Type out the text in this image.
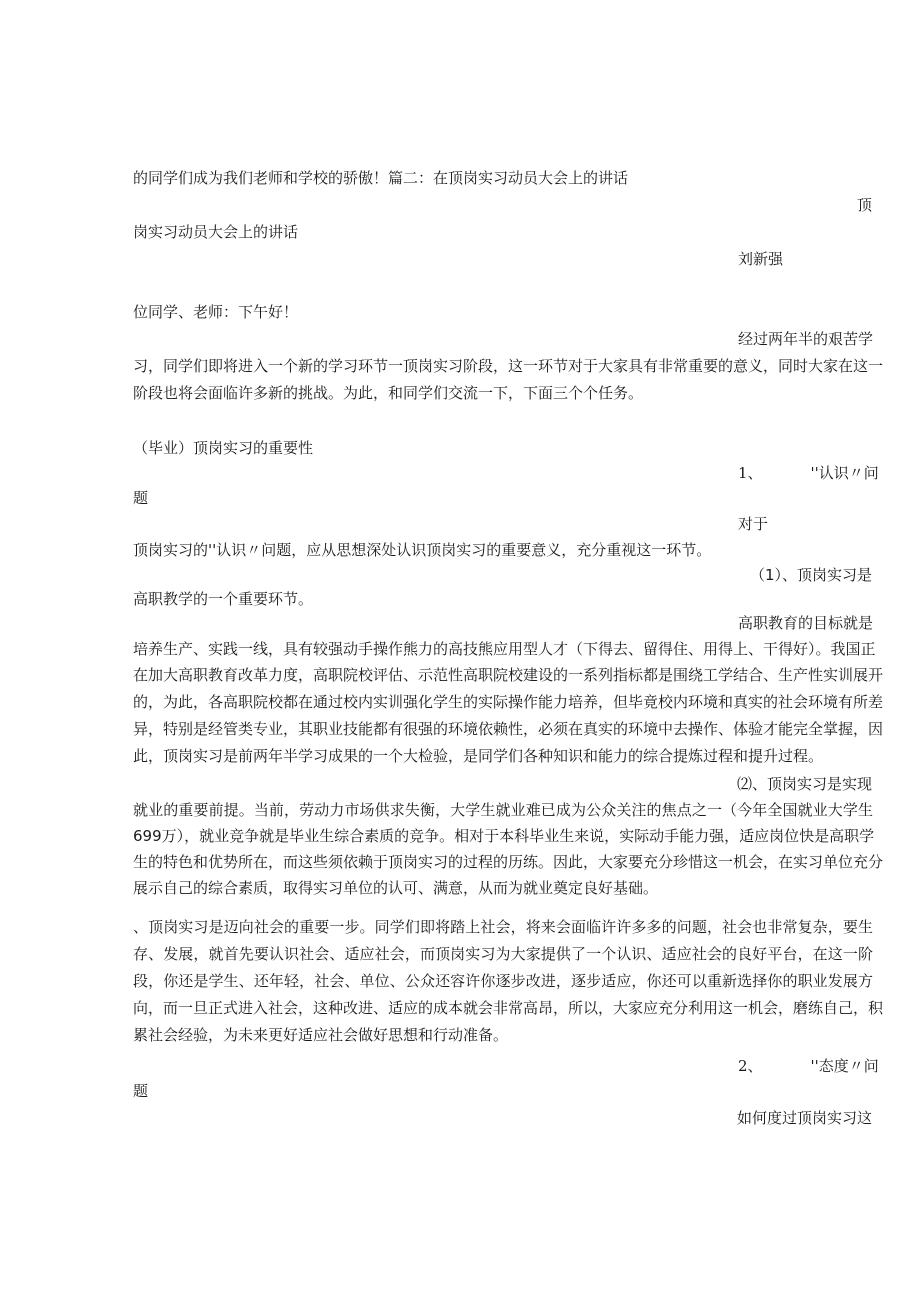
的同学们成为我们老师和学校的骄傲！篇二：在顶岗实习动员大会上的讲话

顶

岗实习动员大会上的讲话

刘新强

位同学、老师：下午好！

经过两年半的艰苦学

习，同学们即将进入一个新的学习环节一顶岗实习阶段，这一环节对于大家具有非常重要的意义，同时大家在这一

阶段也将会面临许多新的挑战。为此，和同学们交流一下，下面三个个任务。

（毕业）顶岗实习的重要性

1、	''认识〃问

题

对于

顶岗实习的''认识〃问题，应从思想深处认识顶岗实习的重要意义，充分重视这一环节。

（1）、顶岗实习是

高职教学的一个重要环节。

高职教育的目标就是

培养生产、实践一线，具有较强动手操作熊力的高技熊应用型人才（下得去、留得住、用得上、干得好）。我国正

在加大高职教育改革力度，高职院校评估、示范性高职院校建设的一系列指标都是围绕工学结合、生产性实训展开

的，为此，各高职院校都在通过校内实训强化学生的实际操作能力培养，但毕竟校内环境和真实的社会环境有所差

异，特别是经管类专业，其职业技能都有很强的环境依赖性，必须在真实的环境中去操作、体验才能完全掌握，因

此，顶岗实习是前两年半学习成果的一个大检验，是同学们各种知识和能力的综合提炼过程和提升过程。

⑵、顶岗实习是实现

就业的重要前提。当前，劳动力市场供求失衡，大学生就业难已成为公众关注的焦点之一（今年全国就业大学生

699万），就业竞争就是毕业生综合素质的竞争。相对于本科毕业生来说，实际动手能力强，适应岗位快是高职学

生的特色和优势所在，而这些须依赖于顶岗实习的过程的历练。因此，大家要充分珍惜这一机会，在实习单位充分

展示自己的综合素质，取得实习单位的认可、满意，从而为就业奠定良好基础。

、顶岗实习是迈向社会的重要一步。同学们即将踏上社会，将来会面临许许多多的问题，社会也非常复杂，要生

存、发展，就首先要认识社会、适应社会，而顶岗实习为大家提供了一个认识、适应社会的良好平台，在这一阶

段，你还是学生、还年轻，社会、单位、公众还容许你逐步改进，逐步适应，你还可以重新选择你的职业发展方

向，而一旦正式进入社会，这种改进、适应的成本就会非常高昂，所以，大家应充分利用这一机会，磨练自己，积

累社会经验，为未来更好适应社会做好思想和行动准备。

2、	''态度〃问

题

如何度过顶岗实习这
